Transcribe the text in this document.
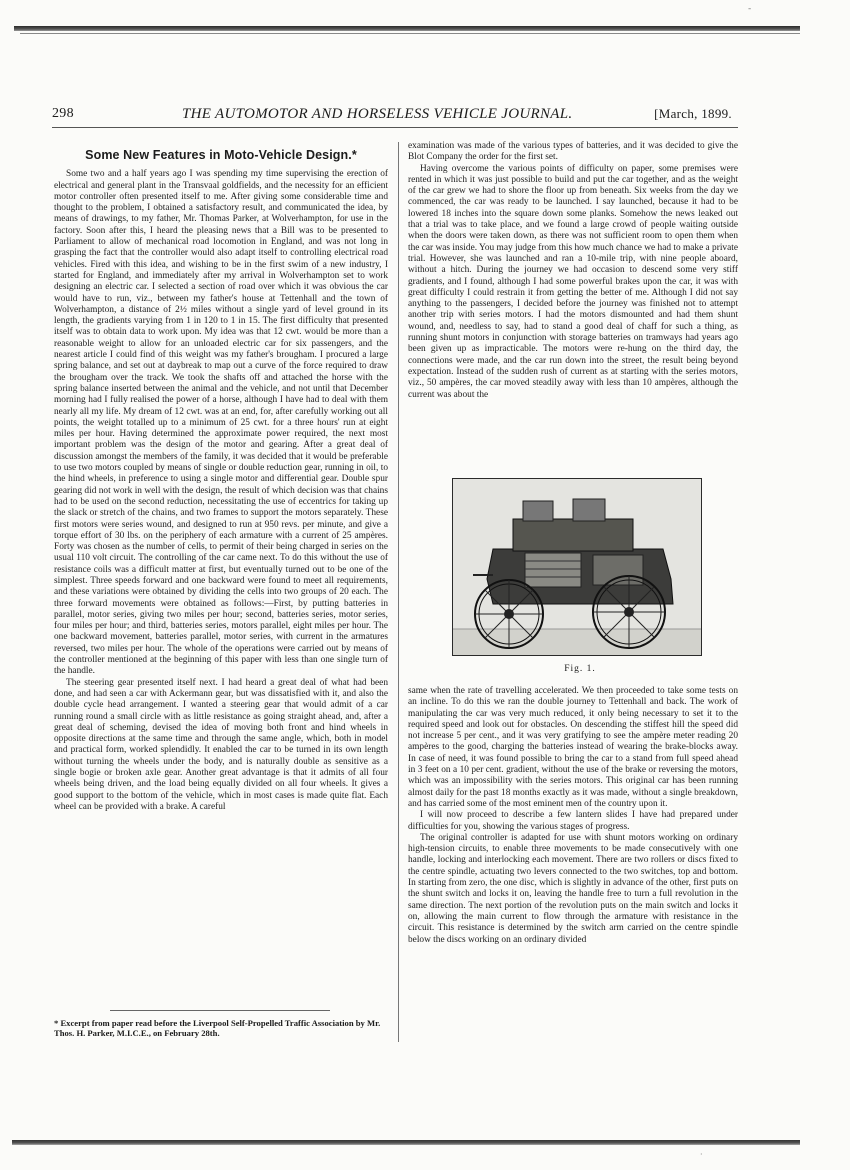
-
298	THE AUTOMOTOR AND HORSELESS VEHICLE JOURNAL.	[March, 1899.
Some New Features in Moto-Vehicle Design.*

Some two and a half years ago I was spending my time supervising the erection of electrical and general plant in the Transvaal goldfields, and the necessity for an efficient motor controller often presented itself to me. After giving some considerable time and thought to the problem, I obtained a satisfactory result, and communicated the idea, by means of drawings, to my father, Mr. Thomas Parker, at Wolverhampton, for use in the factory. Soon after this, I heard the pleasing news that a Bill was to be presented to Parliament to allow of mechanical road locomotion in England, and was not long in grasping the fact that the controller would also adapt itself to controlling electrical road vehicles. Fired with this idea, and wishing to be in the first swim of a new industry, I started for England, and immediately after my arrival in Wolverhampton set to work designing an electric car. I selected a section of road over which it was obvious the car would have to run, viz., between my father's house at Tettenhall and the town of Wolverhampton, a distance of 2½ miles without a single yard of level ground in its length, the gradients varying from 1 in 120 to 1 in 15. The first difficulty that presented itself was to obtain data to work upon. My idea was that 12 cwt. would be more than a reasonable weight to allow for an unloaded electric car for six passengers, and the nearest article I could find of this weight was my father's brougham. I procured a large spring balance, and set out at daybreak to map out a curve of the force required to draw the brougham over the track. We took the shafts off and attached the horse with the spring balance inserted between the animal and the vehicle, and not until that December morning had I fully realised the power of a horse, although I have had to deal with them nearly all my life. My dream of 12 cwt. was at an end, for, after carefully working out all points, the weight totalled up to a minimum of 25 cwt. for a three hours' run at eight miles per hour. Having determined the approximate power required, the next most important problem was the design of the motor and gearing. After a great deal of discussion amongst the members of the family, it was decided that it would be preferable to use two motors coupled by means of single or double reduction gear, running in oil, to the hind wheels, in preference to using a single motor and differential gear. Double spur gearing did not work in well with the design, the result of which decision was that chains had to be used on the second reduction, necessitating the use of eccentrics for taking up the slack or stretch of the chains, and two frames to support the motors separately. These first motors were series wound, and designed to run at 950 revs. per minute, and give a torque effort of 30 lbs. on the periphery of each armature with a current of 25 ampères. Forty was chosen as the number of cells, to permit of their being charged in series on the usual 110 volt circuit. The controlling of the car came next. To do this without the use of resistance coils was a difficult matter at first, but eventually turned out to be one of the simplest. Three speeds forward and one backward were found to meet all requirements, and these variations were obtained by dividing the cells into two groups of 20 each. The three forward movements were obtained as follows:—First, by putting batteries in parallel, motor series, giving two miles per hour; second, batteries series, motor series, four miles per hour; and third, batteries series, motors parallel, eight miles per hour. The one backward movement, batteries parallel, motor series, with current in the armatures reversed, two miles per hour. The whole of the operations were carried out by means of the controller mentioned at the beginning of this paper with less than one single turn of the handle.

The steering gear presented itself next. I had heard a great deal of what had been done, and had seen a car with Ackermann gear, but was dissatisfied with it, and also the double cycle head arrangement. I wanted a steering gear that would admit of a car running round a small circle with as little resistance as going straight ahead, and, after a great deal of scheming, devised the idea of moving both front and hind wheels in opposite directions at the same time and through the same angle, which, both in model and practical form, worked splendidly. It enabled the car to be turned in its own length without turning the wheels under the body, and is naturally double as sensitive as a single bogie or broken axle gear. Another great advantage is that it admits of all four wheels being driven, and the load being equally divided on all four wheels. It gives a good support to the bottom of the vehicle, which in most cases is made quite flat. Each wheel can be provided with a brake. A careful

* Excerpt from paper read before the Liverpool Self-Propelled Traffic Association by Mr. Thos. H. Parker, M.I.C.E., on February 28th.

examination was made of the various types of batteries, and it was decided to give the Blot Company the order for the first set.

Having overcome the various points of difficulty on paper, some premises were rented in which it was just possible to build and put the car together, and as the weight of the car grew we had to shore the floor up from beneath. Six weeks from the day we commenced, the car was ready to be launched. I say launched, because it had to be lowered 18 inches into the square down some planks. Somehow the news leaked out that a trial was to take place, and we found a large crowd of people waiting outside when the doors were taken down, as there was not sufficient room to open them when the car was inside. You may judge from this how much chance we had to make a private trial. However, she was launched and ran a 10-mile trip, with nine people aboard, without a hitch. During the journey we had occasion to descend some very stiff gradients, and I found, although I had some powerful brakes upon the car, it was with great difficulty I could restrain it from getting the better of me. Although I did not say anything to the passengers, I decided before the journey was finished not to attempt another trip with series motors. I had the motors dismounted and had them shunt wound, and, needless to say, had to stand a good deal of chaff for such a thing, as running shunt motors in conjunction with storage batteries on tramways had years ago been given up as impracticable. The motors were re-hung on the third day, the connections were made, and the car run down into the street, the result being beyond expectation. Instead of the sudden rush of current as at starting with the series motors, viz., 50 ampères, the car moved steadily away with less than 10 ampères, although the current was about the

Fig. 1.

same when the rate of travelling accelerated. We then proceeded to take some tests on an incline. To do this we ran the double journey to Tettenhall and back. The work of manipulating the car was very much reduced, it only being necessary to set it to the required speed and look out for obstacles. On descending the stiffest hill the speed did not increase 5 per cent., and it was very gratifying to see the ampère meter reading 20 ampères to the good, charging the batteries instead of wearing the brake-blocks away. In case of need, it was found possible to bring the car to a stand from full speed ahead in 3 feet on a 10 per cent. gradient, without the use of the brake or reversing the motors, which was an impossibility with the series motors. This original car has been running almost daily for the past 18 months exactly as it was made, without a single breakdown, and has carried some of the most eminent men of the country upon it.

I will now proceed to describe a few lantern slides I have had prepared under difficulties for you, showing the various stages of progress.

The original controller is adapted for use with shunt motors working on ordinary high-tension circuits, to enable three movements to be made consecutively with one handle, locking and interlocking each movement. There are two rollers or discs fixed to the centre spindle, actuating two levers connected to the two switches, top and bottom. In starting from zero, the one disc, which is slightly in advance of the other, first puts on the shunt switch and locks it on, leaving the handle free to turn a full revolution in the same direction. The next portion of the revolution puts on the main switch and locks it on, allowing the main current to flow through the armature with resistance in the circuit. This resistance is determined by the switch arm carried on the centre spindle below the discs working on an ordinary divided

·
